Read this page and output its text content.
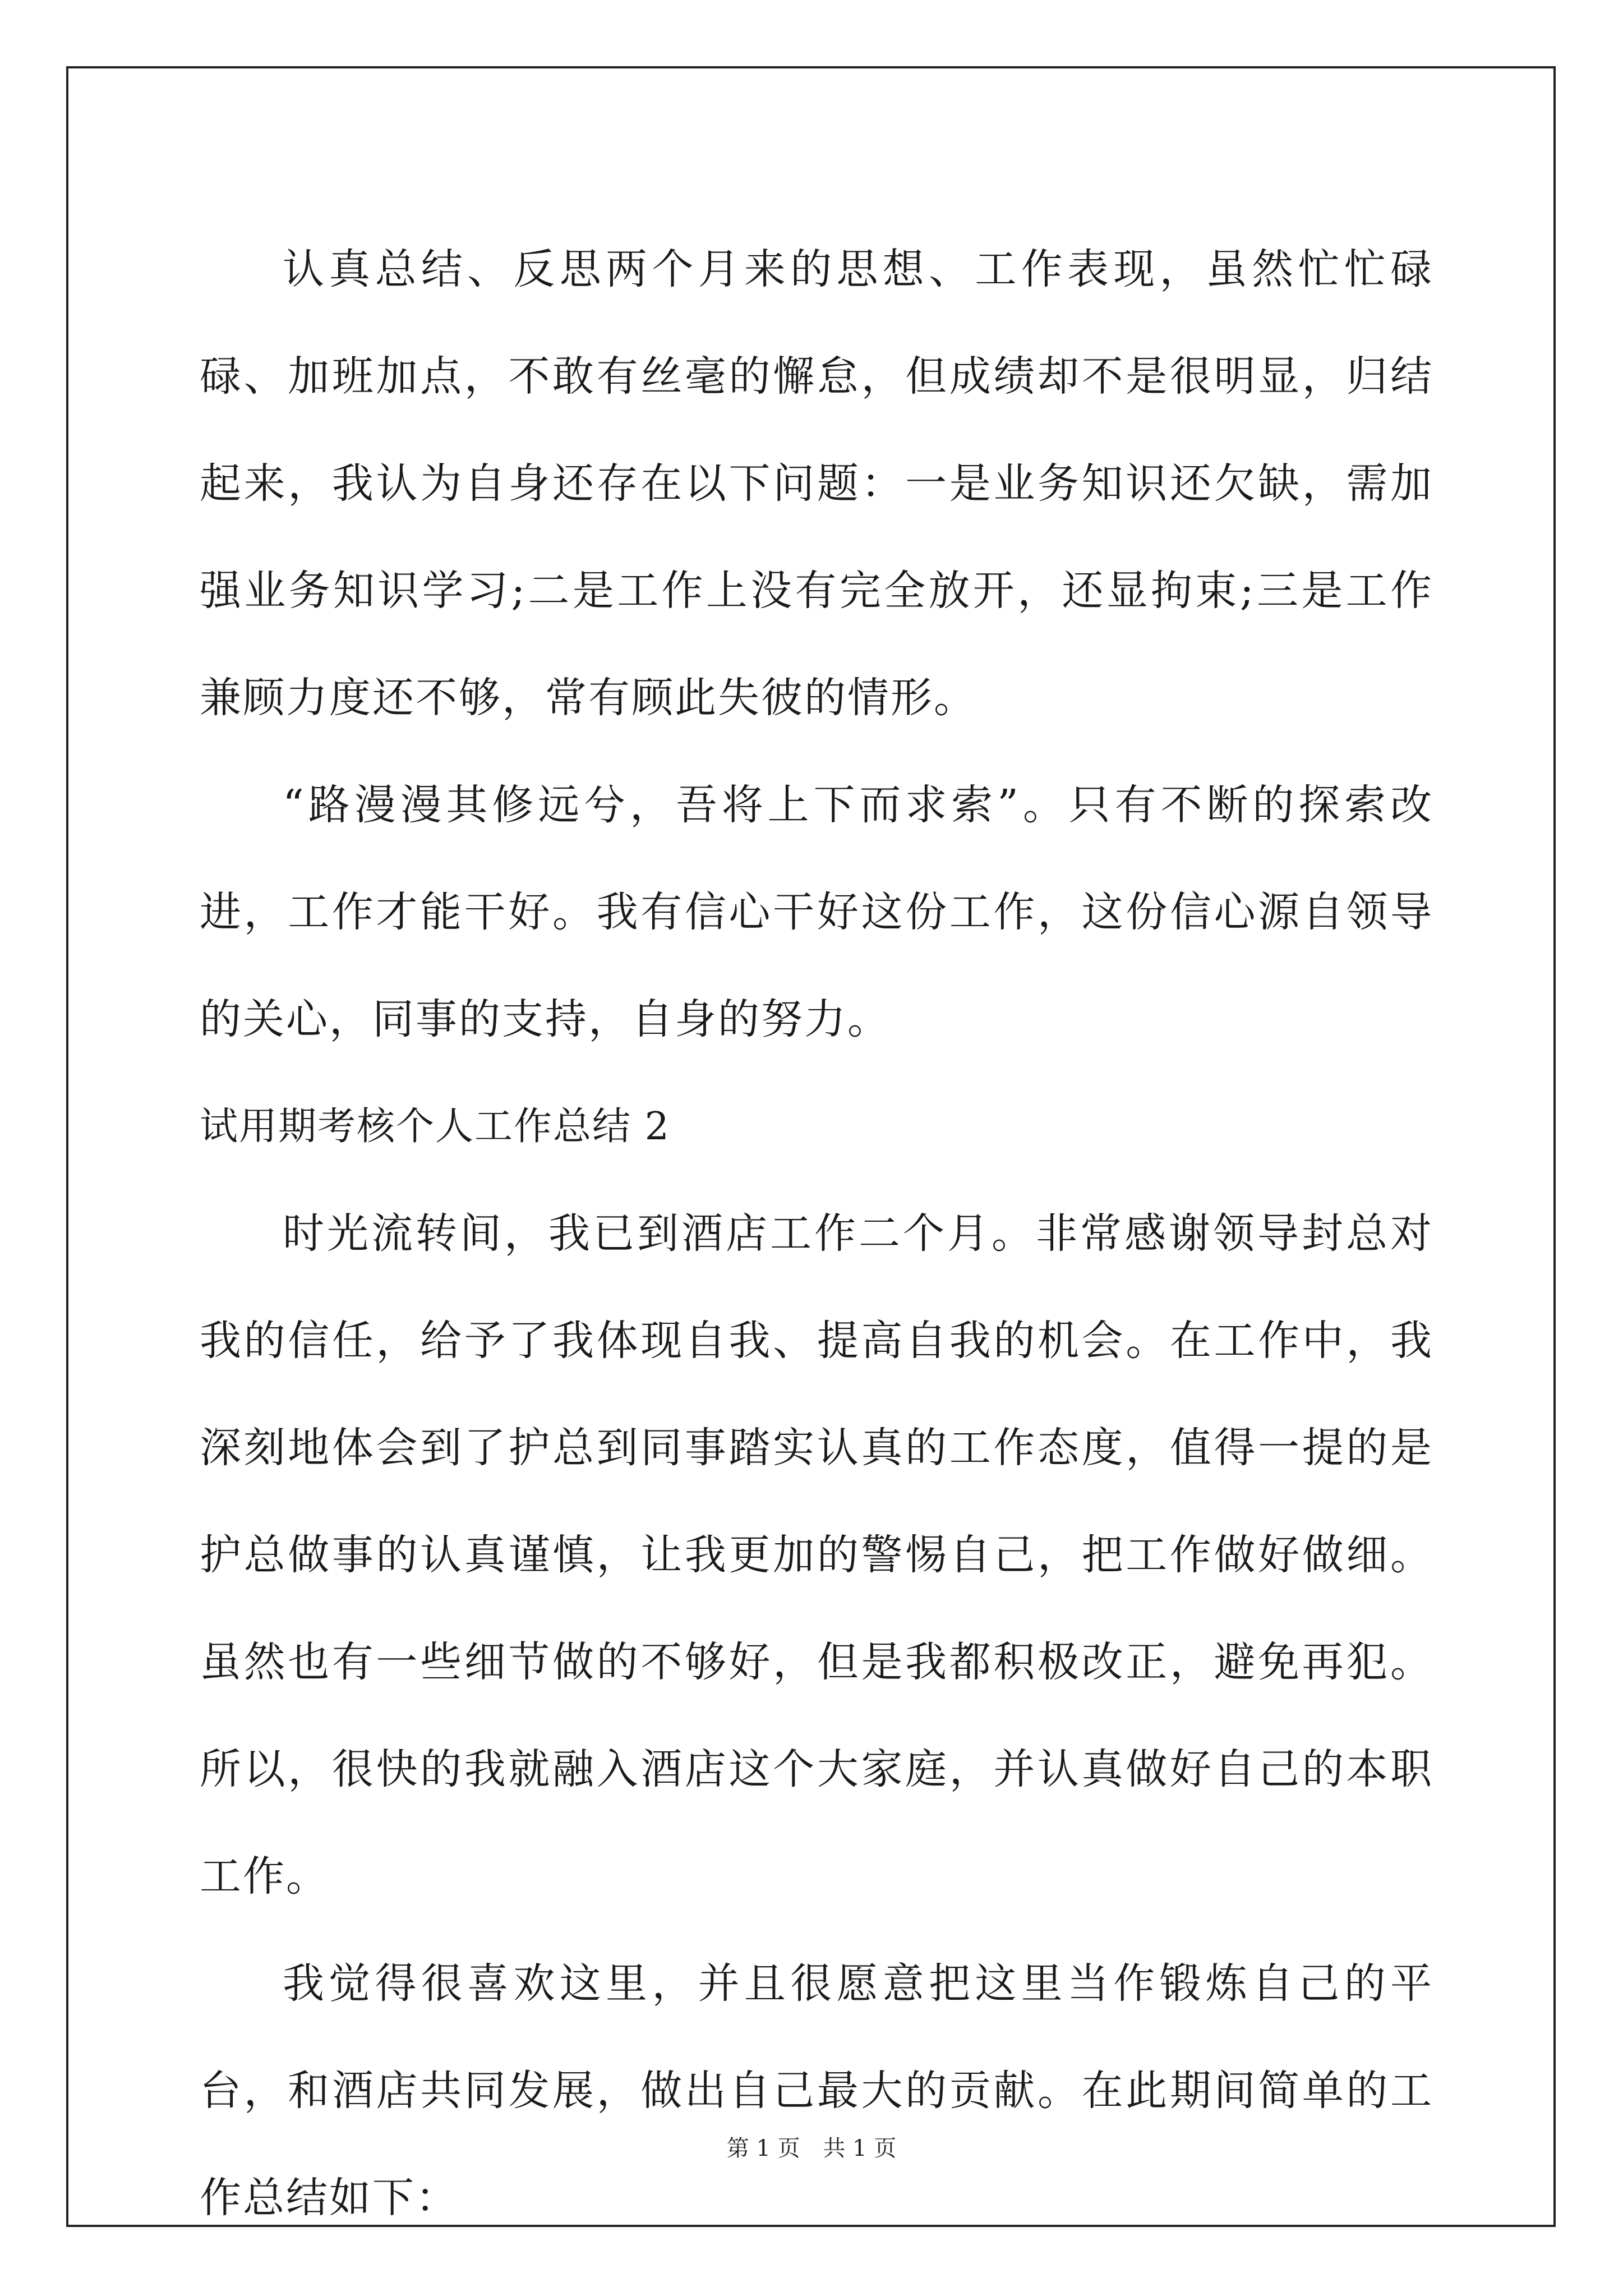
认真总结、反思两个月来的思想、工作表现，虽然忙忙碌碌、加班加点，不敢有丝毫的懈怠，但成绩却不是很明显，归结起来，我认为自身还存在以下问题：一是业务知识还欠缺，需加强业务知识学习;二是工作上没有完全放开，还显拘束;三是工作兼顾力度还不够，常有顾此失彼的情形。

“路漫漫其修远兮，吾将上下而求索”。只有不断的探索改进，工作才能干好。我有信心干好这份工作，这份信心源自领导的关心，同事的支持，自身的努力。

试用期考核个人工作总结 2

时光流转间，我已到酒店工作二个月。非常感谢领导封总对我的信任，给予了我体现自我、提高自我的机会。在工作中，我深刻地体会到了护总到同事踏实认真的工作态度，值得一提的是护总做事的认真谨慎，让我更加的警惕自己，把工作做好做细。虽然也有一些细节做的不够好，但是我都积极改正，避免再犯。所以，很快的我就融入酒店这个大家庭，并认真做好自己的本职工作。

我觉得很喜欢这里，并且很愿意把这里当作锻炼自己的平台，和酒店共同发展，做出自己最大的贡献。在此期间简单的工作总结如下：

第 1 页 共 1 页
